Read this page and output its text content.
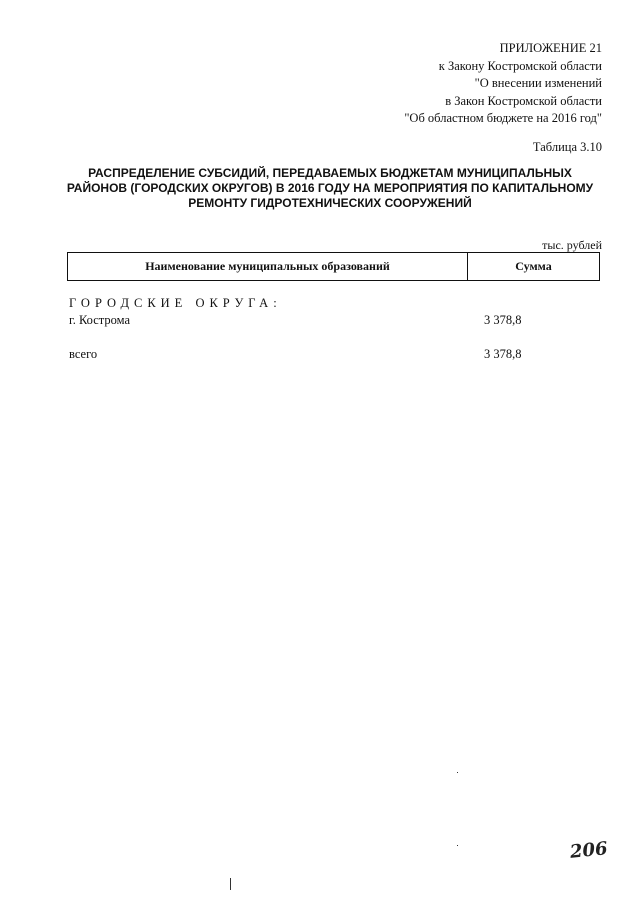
ПРИЛОЖЕНИЕ 21
к Закону Костромской области
"О внесении изменений
в Закон Костромской области
"Об областном бюджете на 2016 год"
Таблица 3.10
РАСПРЕДЕЛЕНИЕ СУБСИДИЙ, ПЕРЕДАВАЕМЫХ БЮДЖЕТАМ МУНИЦИПАЛЬНЫХ
РАЙОНОВ (ГОРОДСКИХ ОКРУГОВ) В 2016 ГОДУ НА МЕРОПРИЯТИЯ ПО КАПИТАЛЬНОМУ
РЕМОНТУ ГИДРОТЕХНИЧЕСКИХ СООРУЖЕНИЙ
тыс. рублей
Наименование муниципальных образований	Сумма
ГОРОДСКИЕ ОКРУГА:
г. Кострома	3 378,8
всего	3 378,8
206
